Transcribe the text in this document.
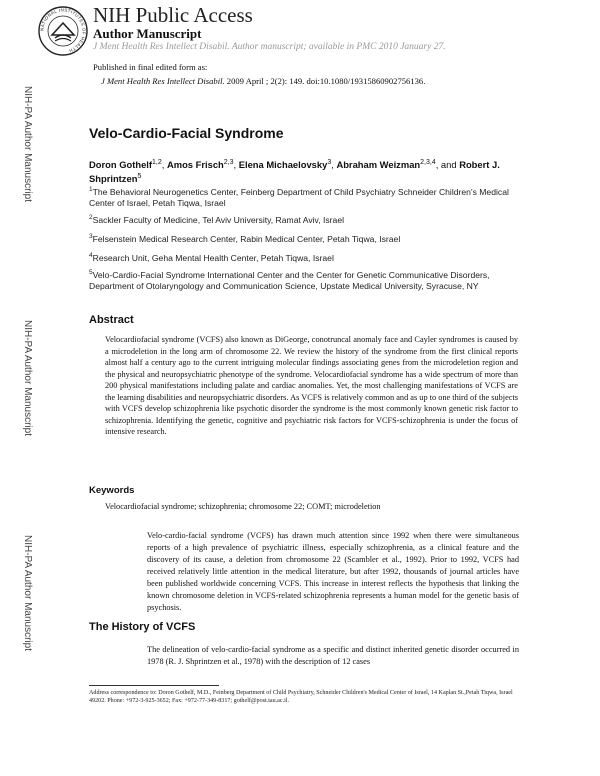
NATIONAL INSTITUTES OF HEALTH
NIH Public Access
Author Manuscript
J Ment Health Res Intellect Disabil. Author manuscript; available in PMC 2010 January 27.
Published in final edited form as:
J Ment Health Res Intellect Disabil. 2009 April ; 2(2): 149. doi:10.1080/19315860902756136.
NIH-PA Author Manuscript
NIH-PA Author Manuscript
NIH-PA Author Manuscript
Velo-Cardio-Facial Syndrome
Doron Gothelf$^{1,2}$, Amos Frisch$^{2,3}$, Elena Michaelovsky$^3$, Abraham Weizman$^{2,3,4}$, and Robert J. Shprintzen$^5$
$^1$The Behavioral Neurogenetics Center, Feinberg Department of Child Psychiatry Schneider Children's Medical Center of Israel, Petah Tiqwa, Israel
$^2$Sackler Faculty of Medicine, Tel Aviv University, Ramat Aviv, Israel
$^3$Felsenstein Medical Research Center, Rabin Medical Center, Petah Tiqwa, Israel
$^4$Research Unit, Geha Mental Health Center, Petah Tiqwa, Israel
$^5$Velo-Cardio-Facial Syndrome International Center and the Center for Genetic Communicative Disorders, Department of Otolaryngology and Communication Science, Upstate Medical University, Syracuse, NY
Abstract
Velocardiofacial syndrome (VCFS) also known as DiGeorge, conotruncal anomaly face and Cayler syndromes is caused by a microdeletion in the long arm of chromosome 22. We review the history of the syndrome from the first clinical reports almost half a century ago to the current intriguing molecular findings associating genes from the microdeletion region and the physical and neuropsychiatric phenotype of the syndrome. Velocardiofacial syndrome has a wide spectrum of more than 200 physical manifestations including palate and cardiac anomalies. Yet, the most challenging manifestations of VCFS are the learning disabilities and neuropsychiatric disorders. As VCFS is relatively common and as up to one third of the subjects with VCFS develop schizophrenia like psychotic disorder the syndrome is the most commonly known genetic risk factor to schizophrenia. Identifying the genetic, cognitive and psychiatric risk factors for VCFS-schizophrenia is under the focus of intensive research.
Keywords
Velocardiofacial syndrome; schizophrenia; chromosome 22; COMT; microdeletion
Velo-cardio-facial syndrome (VCFS) has drawn much attention since 1992 when there were simultaneous reports of a high prevalence of psychiatric illness, especially schizophrenia, as a clinical feature and the discovery of its cause, a deletion from chromosome 22 (Scambler et al., 1992). Prior to 1992, VCFS had received relatively little attention in the medical literature, but after 1992, thousands of journal articles have been published worldwide concerning VCFS. This increase in interest reflects the hypothesis that linking the known chromosome deletion in VCFS-related schizophrenia represents a human model for the genetic basis of psychosis.
The History of VCFS
The delineation of velo-cardio-facial syndrome as a specific and distinct inherited genetic disorder occurred in 1978 (R. J. Shprintzen et al., 1978) with the description of 12 cases
Address correspondence to: Doron Gothelf, M.D., Feinberg Department of Child Psychiatry, Schneider Children's Medical Center of Israel, 14 Kaplan St.,Petah Tiqwa, Israel 49202. Phone: +972-3-925-3652; Fax: +972-77-349-8317; gothelf@post.tau.ac.il.
